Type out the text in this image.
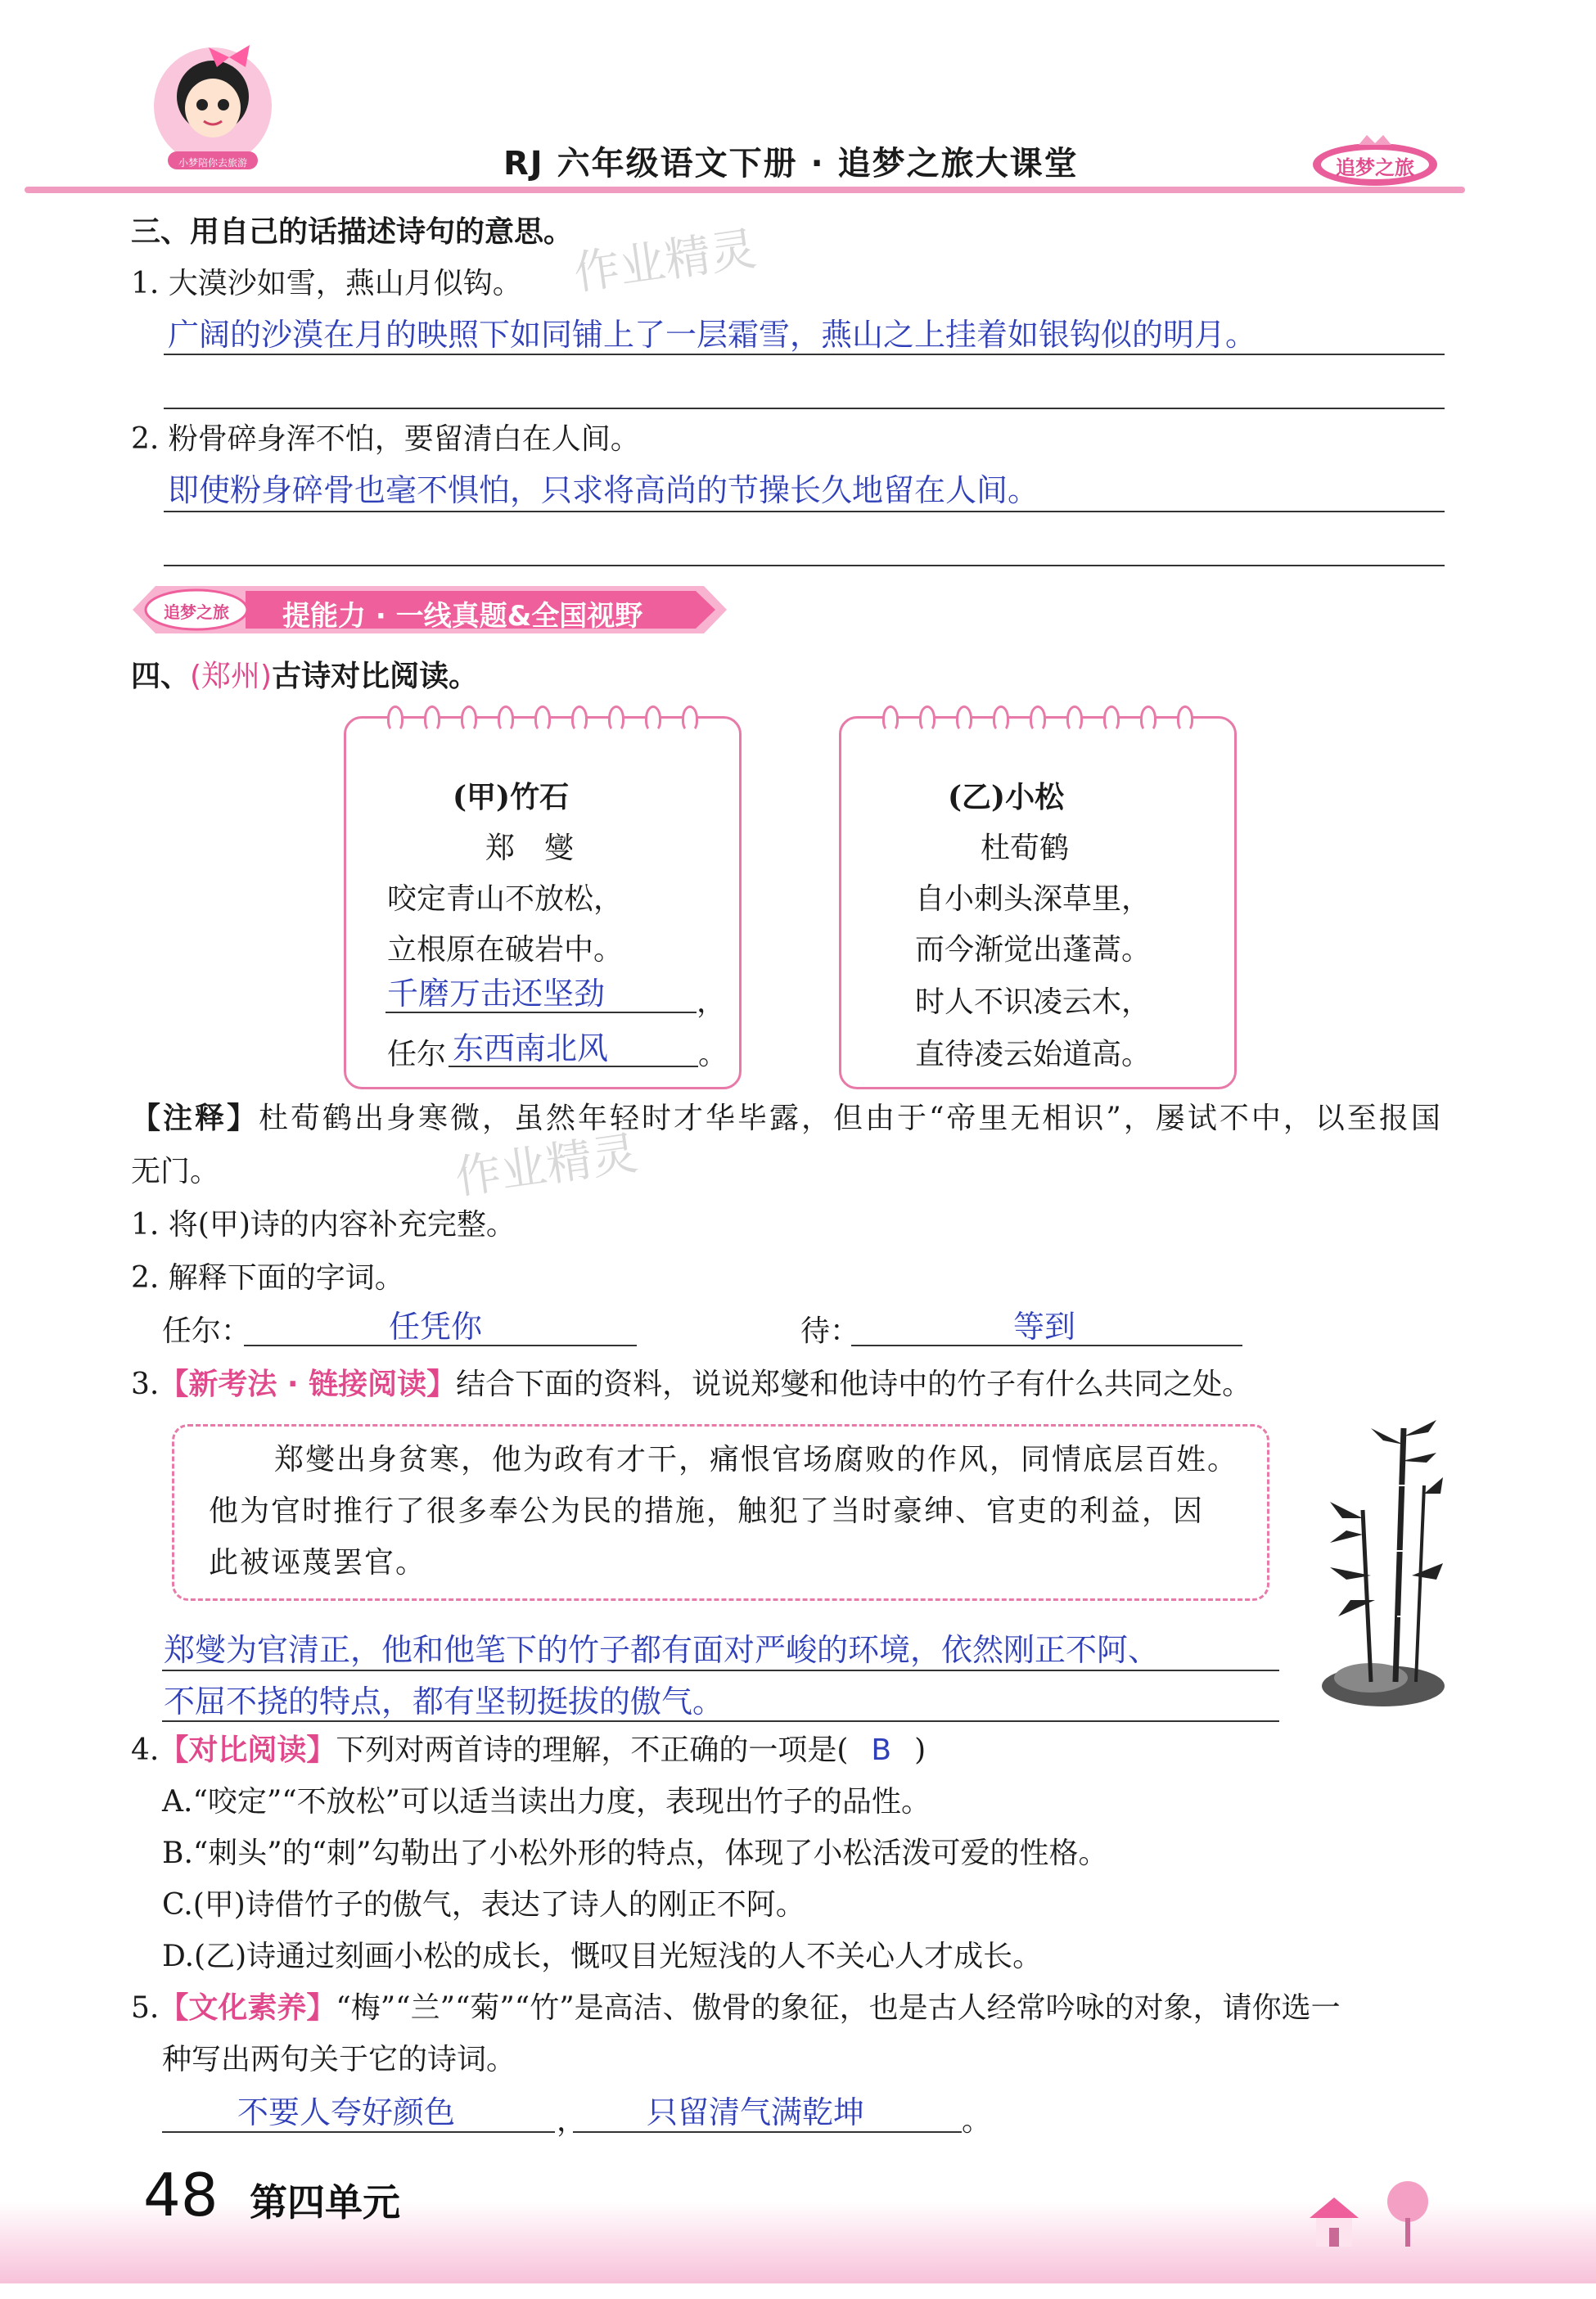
小梦陪你去旅游	RJ 六年级语文下册 · 追梦之旅大课堂	追梦之旅
作业精灵
作业精灵
三、用自己的话描述诗句的意思。
1. 大漠沙如雪，燕山月似钩。
广阔的沙漠在月的映照下如同铺上了一层霜雪，燕山之上挂着如银钩似的明月。
2. 粉骨碎身浑不怕，要留清白在人间。
即使粉身碎骨也毫不惧怕，只求将高尚的节操长久地留在人间。
追梦之旅	提能力 · 一线真题&全国视野
四、(郑州)古诗对比阅读。
(甲)竹石
郑　燮
咬定青山不放松，
立根原在破岩中。
千磨万击还坚劲	，
任尔 东西南北风	。
(乙)小松
杜荀鹤
自小刺头深草里，
而今渐觉出蓬蒿。
时人不识凌云木，
直待凌云始道高。
【注释】杜荀鹤出身寒微，虽然年轻时才华毕露，但由于“帝里无相识”，屡试不中，以至报国
无门。
1. 将(甲)诗的内容补充完整。
2. 解释下面的字词。
任尔：	任凭你	待：	等到
3.【新考法 · 链接阅读】结合下面的资料，说说郑燮和他诗中的竹子有什么共同之处。
郑燮出身贫寒，他为政有才干，痛恨官场腐败的作风，同情底层百姓。
他为官时推行了很多奉公为民的措施，触犯了当时豪绅、官吏的利益，因
此被诬蔑罢官。
郑燮为官清正，他和他笔下的竹子都有面对严峻的环境，依然刚正不阿、
不屈不挠的特点，都有坚韧挺拔的傲气。
4.【对比阅读】下列对两首诗的理解，不正确的一项是( B )
A.“咬定”“不放松”可以适当读出力度，表现出竹子的品性。
B.“刺头”的“刺”勾勒出了小松外形的特点，体现了小松活泼可爱的性格。
C.(甲)诗借竹子的傲气，表达了诗人的刚正不阿。
D.(乙)诗通过刻画小松的成长，慨叹目光短浅的人不关心人才成长。
5.【文化素养】“梅”“兰”“菊”“竹”是高洁、傲骨的象征，也是古人经常吟咏的对象，请你选一
种写出两句关于它的诗词。
不要人夸好颜色	， 只留清气满乾坤	。
48 第四单元
